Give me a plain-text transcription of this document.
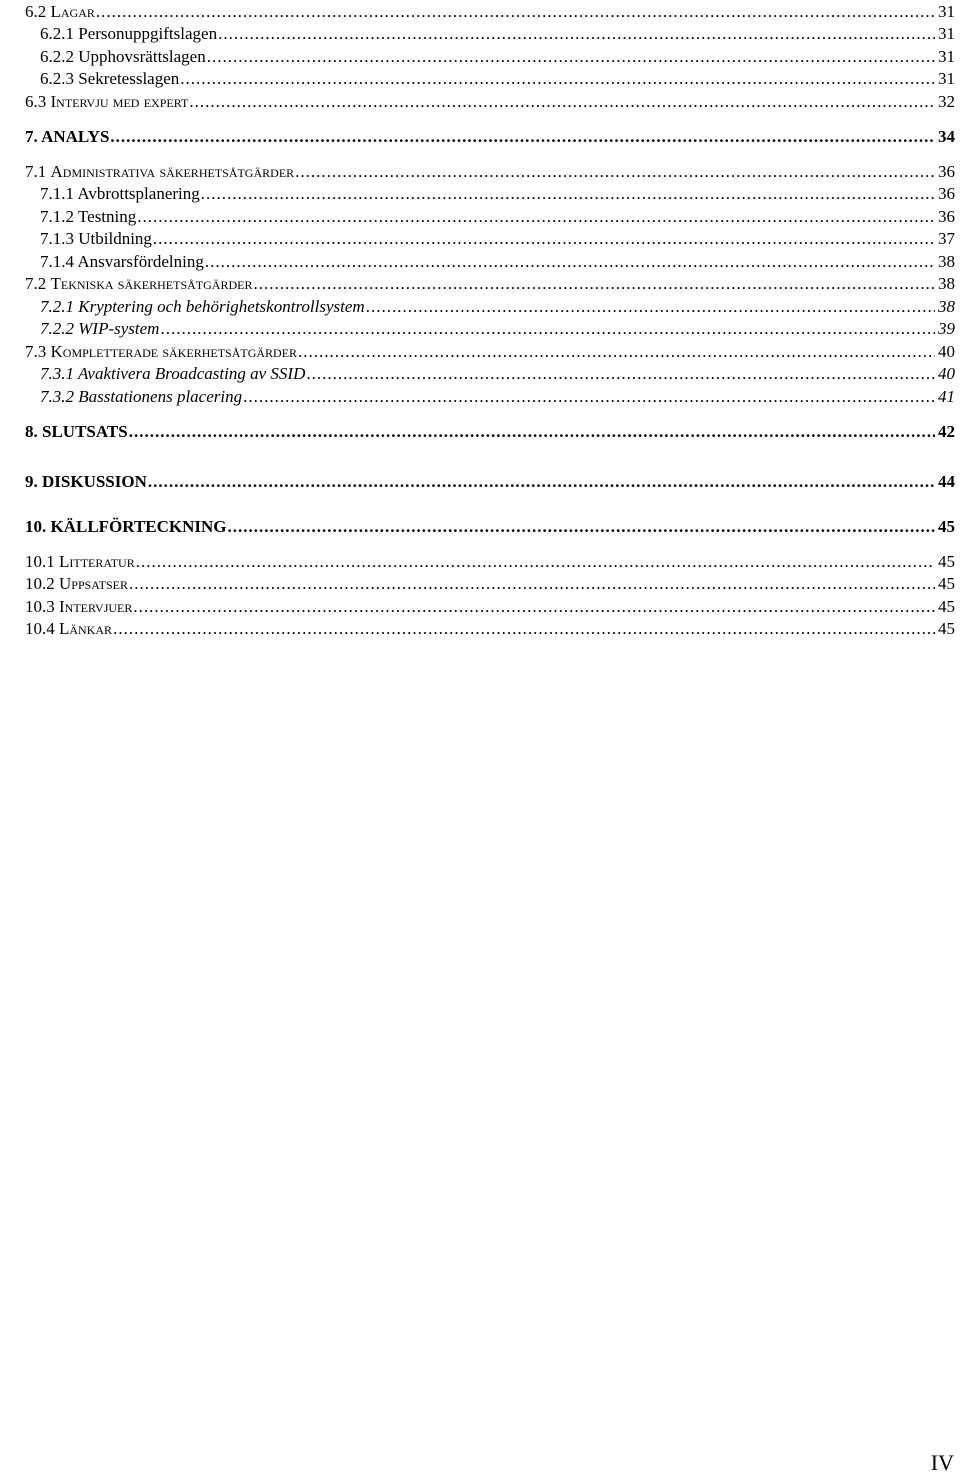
6.2 Lagar .....	31
6.2.1 Personuppgiftslagen .....	31
6.2.2 Upphovsrättslagen .....	31
6.2.3 Sekretesslagen .....	31
6.3 Intervju med expert .....	32
7. ANALYS .....	34
7.1 Administrativa säkerhetsåtgärder .....	36
7.1.1 Avbrottsplanering .....	36
7.1.2 Testning .....	36
7.1.3 Utbildning .....	37
7.1.4 Ansvarsfördelning .....	38
7.2 Tekniska säkerhetsåtgärder .....	38
7.2.1 Kryptering och behörighetskontrollsystem .....	38
7.2.2 WIP-system .....	39
7.3 Kompletterade säkerhetsåtgärder .....	40
7.3.1 Avaktivera Broadcasting av SSID .....	40
7.3.2 Basstationens placering .....	41
8. SLUTSATS .....	42
9. DISKUSSION .....	44
10. KÄLLFÖRTECKNING .....	45
10.1 Litteratur .....	45
10.2 Uppsatser .....	45
10.3 Intervjuer .....	45
10.4 Länkar .....	45
IV
